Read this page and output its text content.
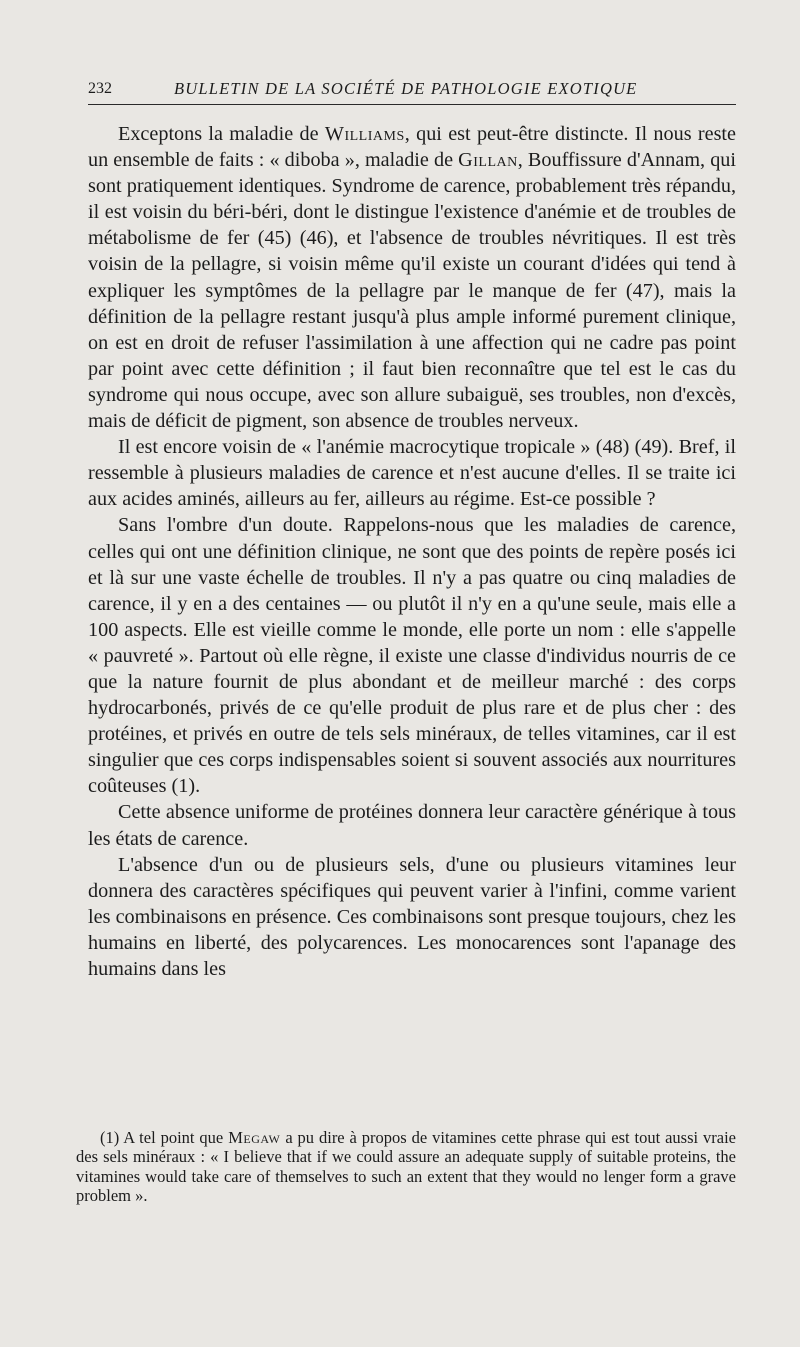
232	BULLETIN DE LA SOCIÉTÉ DE PATHOLOGIE EXOTIQUE

Exceptons la maladie de Williams, qui est peut-être distincte. Il nous reste un ensemble de faits : « diboba », maladie de Gillan, Bouffissure d'Annam, qui sont pratiquement identiques. Syndrome de carence, probablement très répandu, il est voisin du béri-béri, dont le distingue l'existence d'anémie et de troubles de métabolisme de fer (45) (46), et l'absence de troubles névritiques. Il est très voisin de la pellagre, si voisin même qu'il existe un courant d'idées qui tend à expliquer les symptômes de la pellagre par le manque de fer (47), mais la définition de la pellagre restant jusqu'à plus ample informé purement clinique, on est en droit de refuser l'assimilation à une affection qui ne cadre pas point par point avec cette définition ; il faut bien reconnaître que tel est le cas du syndrome qui nous occupe, avec son allure subaiguë, ses troubles, non d'excès, mais de déficit de pigment, son absence de troubles nerveux.

Il est encore voisin de « l'anémie macrocytique tropicale » (48) (49). Bref, il ressemble à plusieurs maladies de carence et n'est aucune d'elles. Il se traite ici aux acides aminés, ailleurs au fer, ailleurs au régime. Est-ce possible ?

Sans l'ombre d'un doute. Rappelons-nous que les maladies de carence, celles qui ont une définition clinique, ne sont que des points de repère posés ici et là sur une vaste échelle de troubles. Il n'y a pas quatre ou cinq maladies de carence, il y en a des centaines — ou plutôt il n'y en a qu'une seule, mais elle a 100 aspects. Elle est vieille comme le monde, elle porte un nom : elle s'appelle « pauvreté ». Partout où elle règne, il existe une classe d'individus nourris de ce que la nature fournit de plus abondant et de meilleur marché : des corps hydrocarbonés, privés de ce qu'elle produit de plus rare et de plus cher : des protéines, et privés en outre de tels sels minéraux, de telles vitamines, car il est singulier que ces corps indispensables soient si souvent associés aux nourritures coûteuses (1).

Cette absence uniforme de protéines donnera leur caractère générique à tous les états de carence.

L'absence d'un ou de plusieurs sels, d'une ou plusieurs vitamines leur donnera des caractères spécifiques qui peuvent varier à l'infini, comme varient les combinaisons en présence. Ces combinaisons sont presque toujours, chez les humains en liberté, des polycarences. Les monocarences sont l'apanage des humains dans les

(1) A tel point que Megaw a pu dire à propos de vitamines cette phrase qui est tout aussi vraie des sels minéraux : « I believe that if we could assure an adequate supply of suitable proteins, the vitamines would take care of themselves to such an extent that they would no lenger form a grave problem ».
